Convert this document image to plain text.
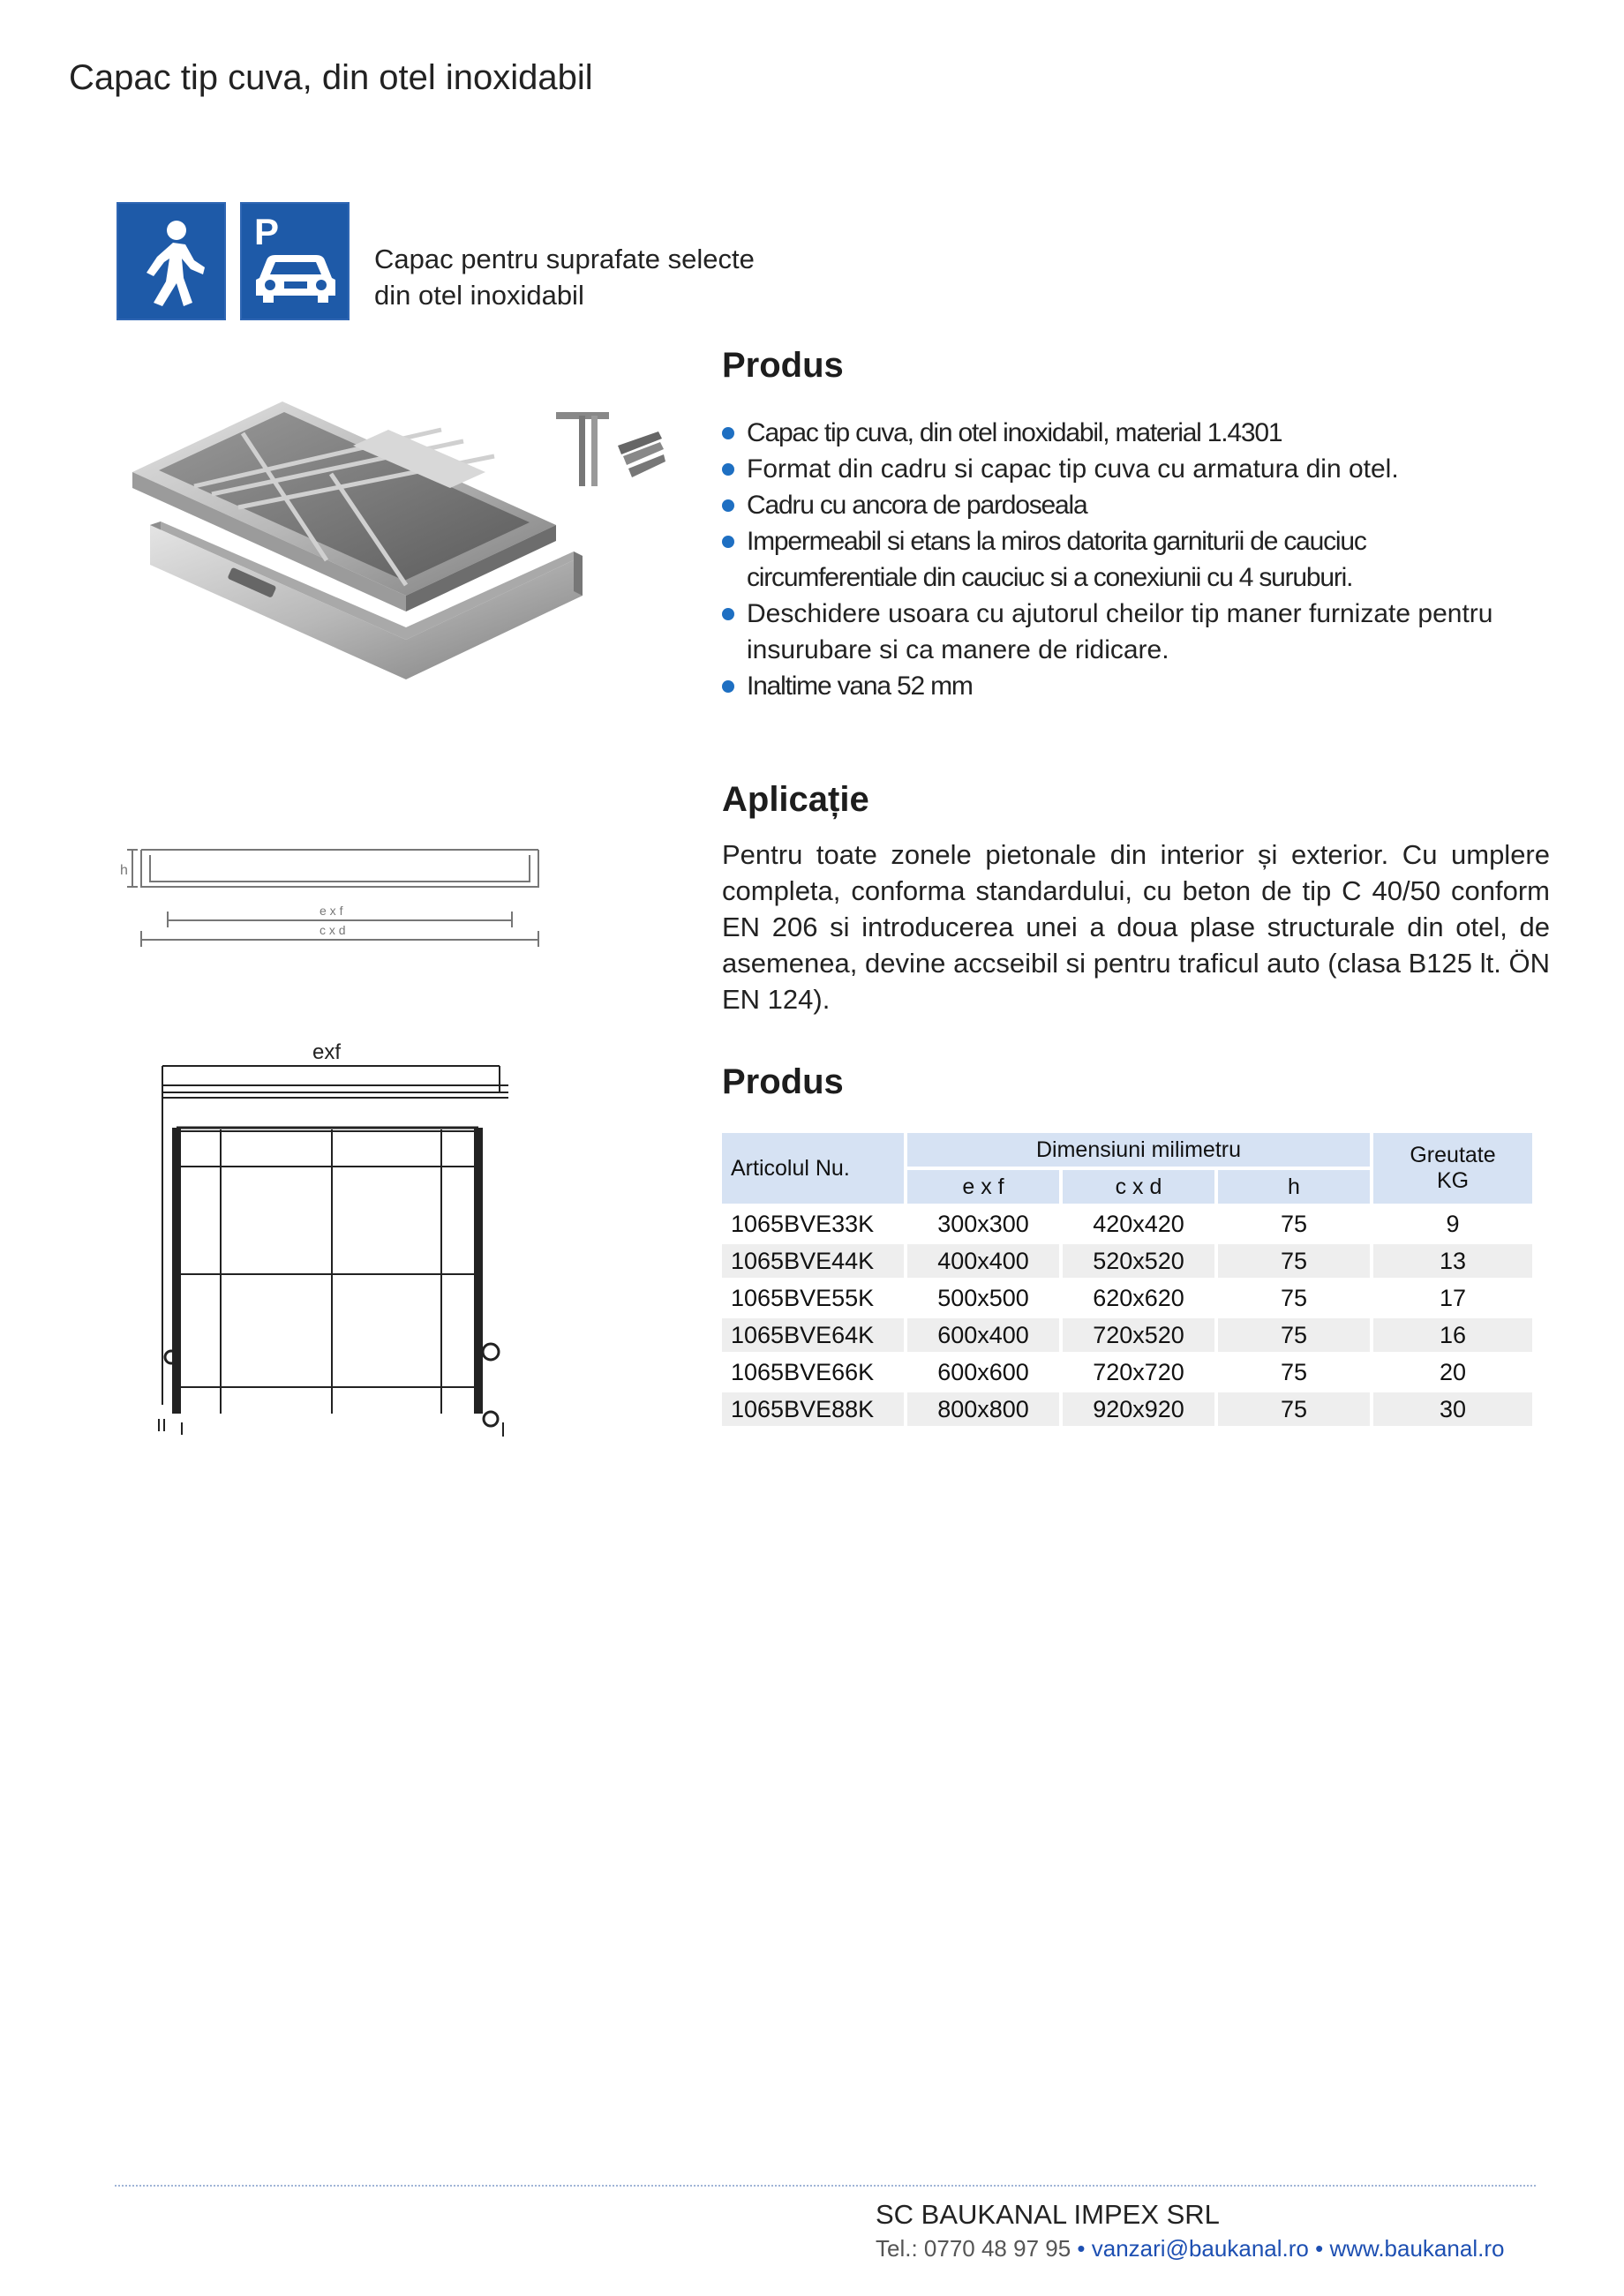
Capac tip cuva, din otel inoxidabil
P
Capac pentru suprafate selecte
din otel inoxidabil
h
e x f
c x d
exf
Produs
Capac tip cuva, din otel inoxidabil, material 1.4301
Format din cadru si capac tip cuva cu armatura din otel.
Cadru cu ancora de pardoseala
Impermeabil si etans la miros datorita garniturii de cauciuc circumferentiale din cauciuc si a conexiunii cu 4 suruburi.
Deschidere usoara cu ajutorul cheilor tip maner furnizate pentru insurubare si ca manere de ridicare.
Inaltime vana 52 mm
Aplicație
Pentru toate zonele pietonale din interior și exterior. Cu umplere completa, conforma standardului, cu beton de tip C 40/50 conform EN 206 si introducerea unei a doua plase structurale din otel, de asemenea, devine accseibil si pentru traficul auto (clasa B125 lt. ÖN EN 124).
Produs
Articolul Nu.	Dimensiuni milimetru			Greutate
KG

	e x f	c x d	h	
1065BVE33K	300x300	420x420	75	9
1065BVE44K	400x400	520x520	75	13
1065BVE55K	500x500	620x620	75	17
1065BVE64K	600x400	720x520	75	16
1065BVE66K	600x600	720x720	75	20
1065BVE88K	800x800	920x920	75	30
SC BAUKANAL IMPEX SRL
Tel.: 0770 48 97 95 • vanzari@baukanal.ro • www.baukanal.ro
